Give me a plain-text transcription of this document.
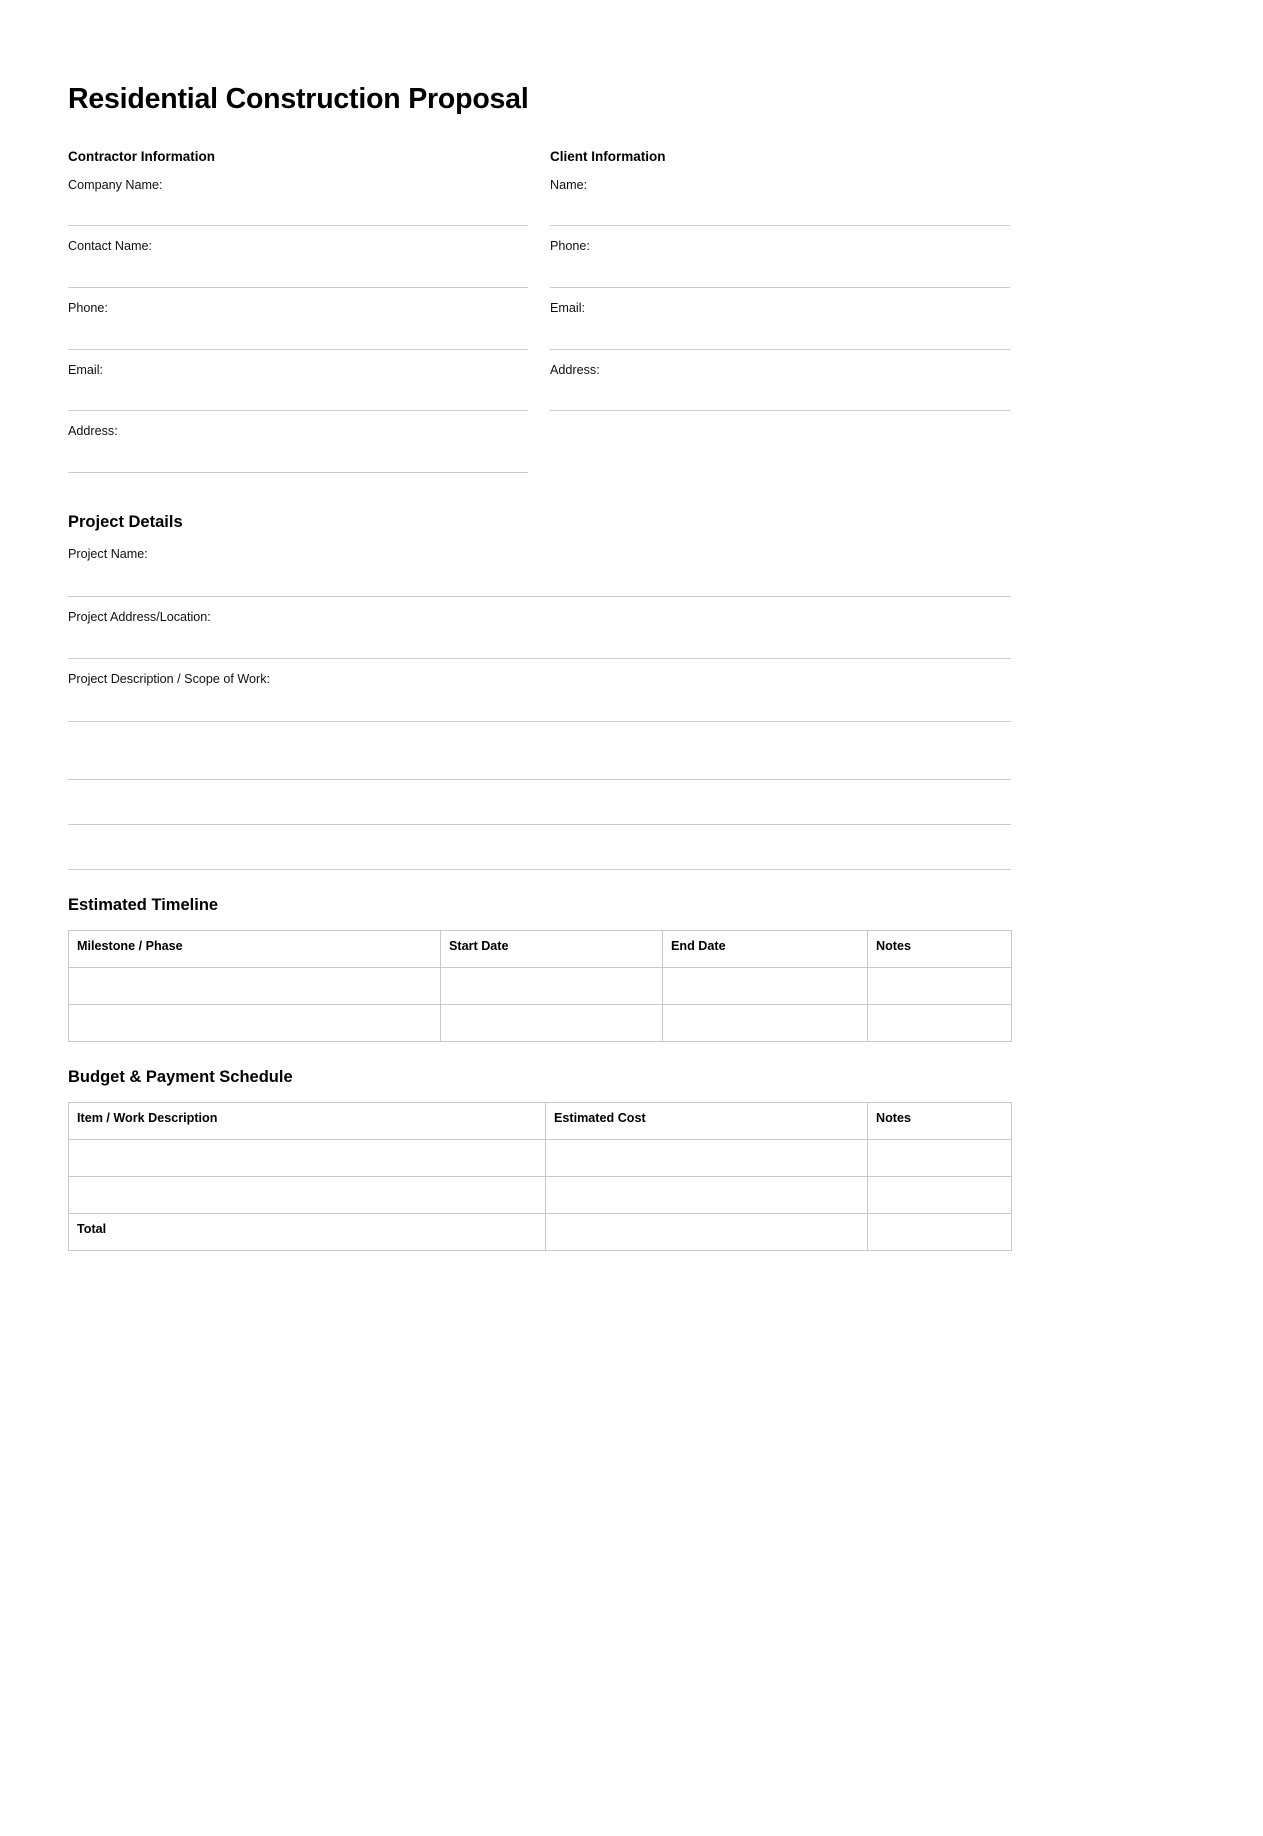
Residential Construction Proposal
Contractor Information
Company Name:
Contact Name:
Phone:
Email:
Address:
Client Information
Name:
Phone:
Email:
Address:
Project Details
Project Name:
Project Address/Location:
Project Description / Scope of Work:
Estimated Timeline
Milestone / Phase	Start Date	End Date	Notes

Budget & Payment Schedule
Item / Work Description	Estimated Cost	Notes

Total		
